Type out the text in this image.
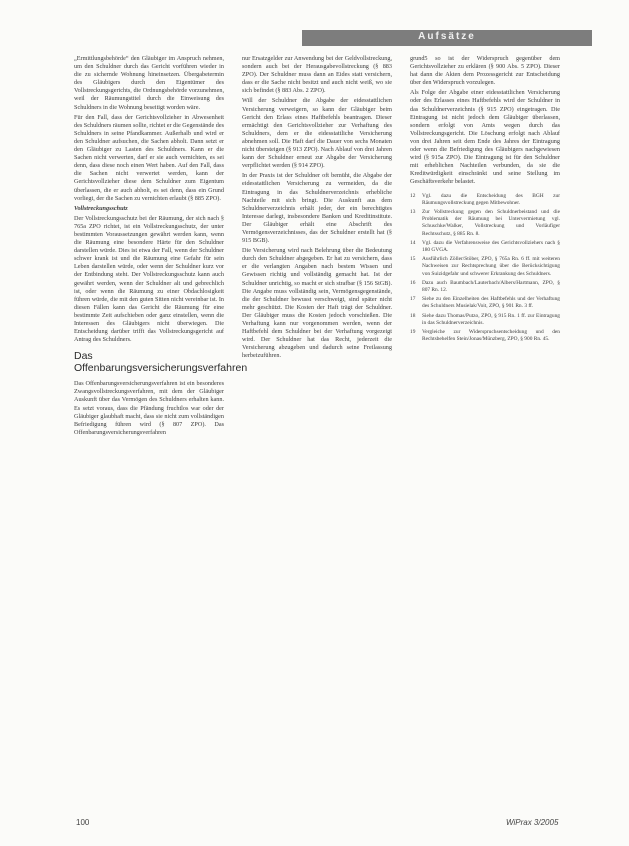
Aufsätze

„Ermittlungsbehörde“ den Gläubiger im Anspruch nehmen, um den Schuldner durch das Gericht vorführen wieder in die zu sichernde Wohnung hineinsetzen. Übergabetermin des Gläubigers durch den Eigentümer des Vollstreckungsgerichts, die Ordnungsbehörde vorzunehmen, weil der Räumungstitel durch die Einweisung des Schuldners in die Wohnung beseitigt worden wäre.

Für den Fall, dass der Gerichtsvollzieher in Abwesenheit des Schuldners räumen sollte, richtet er die Gegenstände des Schuldners in seine Pfandkammer. Außerhalb und wird er den Schuldner aufsuchen, die Sachen abholt. Dann setzt er den Gläubiger zu Lasten des Schuldners. Kann er die Sachen nicht verwerten, darf er sie auch vernichten, es sei denn, dass diese noch einen Wert haben. Auf den Fall, dass die Sachen nicht verwertet werden, kann der Gerichtsvollzieher diese dem Schuldner zum Eigentum überlassen, die er auch abholt, es sei denn, dass ein Grund vorliegt, der die Sachen zu vernichten erlaubt (§ 885 ZPO).

Vollstreckungsschutz

Der Vollstreckungsschutz bei der Räumung, der sich nach § 765a ZPO richtet, ist ein Vollstreckungsschutz, der unter bestimmten Voraussetzungen gewährt werden kann, wenn die Räumung eine besondere Härte für den Schuldner darstellen würde. Dies ist etwa der Fall, wenn der Schuldner schwer krank ist und die Räumung eine Gefahr für sein Leben darstellen würde, oder wenn der Schuldner kurz vor der Entbindung steht. Der Vollstreckungsschutz kann auch gewährt werden, wenn der Schuldner alt und gebrechlich ist, oder wenn die Räumung zu einer Obdachlosigkeit führen würde, die mit den guten Sitten nicht vereinbar ist. In diesen Fällen kann das Gericht die Räumung für eine bestimmte Zeit aufschieben oder ganz einstellen, wenn die Interessen des Gläubigers nicht überwiegen. Die Entscheidung darüber trifft das Vollstreckungsgericht auf Antrag des Schuldners.

Das Offenbarungsversicherungsverfahren

Das Offenbarungsversicherungsverfahren ist ein besonderes Zwangsvollstreckungsverfahren, mit dem der Gläubiger Auskunft über das Vermögen des Schuldners erhalten kann. Es setzt voraus, dass die Pfändung fruchtlos war oder der Gläubiger glaubhaft macht, dass sie nicht zum vollständigen Befriedigung führen wird (§ 807 ZPO). Das Offenbarungsversicherungsverfahren

nur Ersatzgelder zur Anwendung bei der Geldvollstreckung, sondern auch bei der Herausgabevollstreckung (§ 883 ZPO). Der Schuldner muss dann an Eides statt versichern, dass er die Sache nicht besitzt und auch nicht weiß, wo sie sich befindet (§ 883 Abs. 2 ZPO).

Will der Schuldner die Abgabe der eidesstattlichen Versicherung verweigern, so kann der Gläubiger beim Gericht den Erlass eines Haftbefehls beantragen. Dieser ermächtigt den Gerichtsvollzieher zur Verhaftung des Schuldners, dem er die eidesstattliche Versicherung abnehmen soll. Die Haft darf die Dauer von sechs Monaten nicht übersteigen (§ 913 ZPO). Nach Ablauf von drei Jahren kann der Schuldner erneut zur Abgabe der Versicherung verpflichtet werden (§ 914 ZPO).

In der Praxis ist der Schuldner oft bemüht, die Abgabe der eidesstattlichen Versicherung zu vermeiden, da die Eintragung in das Schuldnerverzeichnis erhebliche Nachteile mit sich bringt. Die Auskunft aus dem Schuldnerverzeichnis erhält jeder, der ein berechtigtes Interesse darlegt, insbesondere Banken und Kreditinstitute. Der Gläubiger erhält eine Abschrift des Vermögensverzeichnisses, das der Schuldner erstellt hat (§ 915 BGB).

Die Versicherung wird nach Belehrung über die Bedeutung durch den Schuldner abgegeben. Er hat zu versichern, dass er die verlangten Angaben nach bestem Wissen und Gewissen richtig und vollständig gemacht hat. Ist der Schuldner unrichtig, so macht er sich strafbar (§ 156 StGB). Die Angabe muss vollständig sein, Vermögensgegenstände, die der Schuldner bewusst verschweigt, sind später nicht mehr geschützt. Die Kosten der Haft trägt der Schuldner. Der Gläubiger muss die Kosten jedoch vorschießen. Die Verhaftung kann nur vorgenommen werden, wenn der Haftbefehl dem Schuldner bei der Verhaftung vorgezeigt wird. Der Schuldner hat das Recht, jederzeit die Versicherung abzugeben und dadurch seine Freilassung herbeizuführen.

grund5 so ist der Widerspruch gegenüber dem Gerichtsvollzieher zu erklären (§ 900 Abs. 5 ZPO). Dieser hat dann die Akten dem Prozessgericht zur Entscheidung über den Widerspruch vorzulegen.

Als Folge der Abgabe einer eidesstattlichen Versicherung oder des Erlasses eines Haftbefehls wird der Schuldner in das Schuldnerverzeichnis (§ 915 ZPO) eingetragen. Die Eintragung ist nicht jedoch dem Gläubiger überlassen, sondern erfolgt von Amts wegen durch das Vollstreckungsgericht. Die Löschung erfolgt nach Ablauf von drei Jahren seit dem Ende des Jahres der Eintragung oder wenn die Befriedigung des Gläubigers nachgewiesen wird (§ 915a ZPO). Die Eintragung ist für den Schuldner mit erheblichen Nachteilen verbunden, da sie die Kreditwürdigkeit einschränkt und seine Stellung im Geschäftsverkehr belastet.

12	Vgl. dazu die Entscheidung des BGH zur Räumungsvollstreckung gegen Mitbewohner.
13	Zur Vollstreckung gegen den Schuldnerbeistand und die Problematik der Räumung bei Untervermietung vgl. Schuschke/Walker, Vollstreckung und Vorläufiger Rechtsschutz, § 885 Rn. 8.
14	Vgl. dazu die Verfahrensweise des Gerichtsvollziehers nach § 180 GVGA.
15	Ausführlich Zöller/Stöber, ZPO, § 765a Rn. 6 ff. mit weiteren Nachweisen zur Rechtsprechung über die Berücksichtigung von Suizidgefahr und schwerer Erkrankung des Schuldners.
16	Dazu auch Baumbach/Lauterbach/Albers/Hartmann, ZPO, § 807 Rn. 12.
17	Siehe zu den Einzelheiten des Haftbefehls und der Verhaftung des Schuldners Musielak/Voit, ZPO, § 901 Rn. 3 ff.
18	Siehe dazu Thomas/Putzo, ZPO, § 915 Rn. 1 ff. zur Eintragung in das Schuldnerverzeichnis.
19	Vergleiche zur Widerspruchsentscheidung und den Rechtsbehelfen Stein/Jonas/Münzberg, ZPO, § 900 Rn. 45.
100	WiPrax 3/2005
